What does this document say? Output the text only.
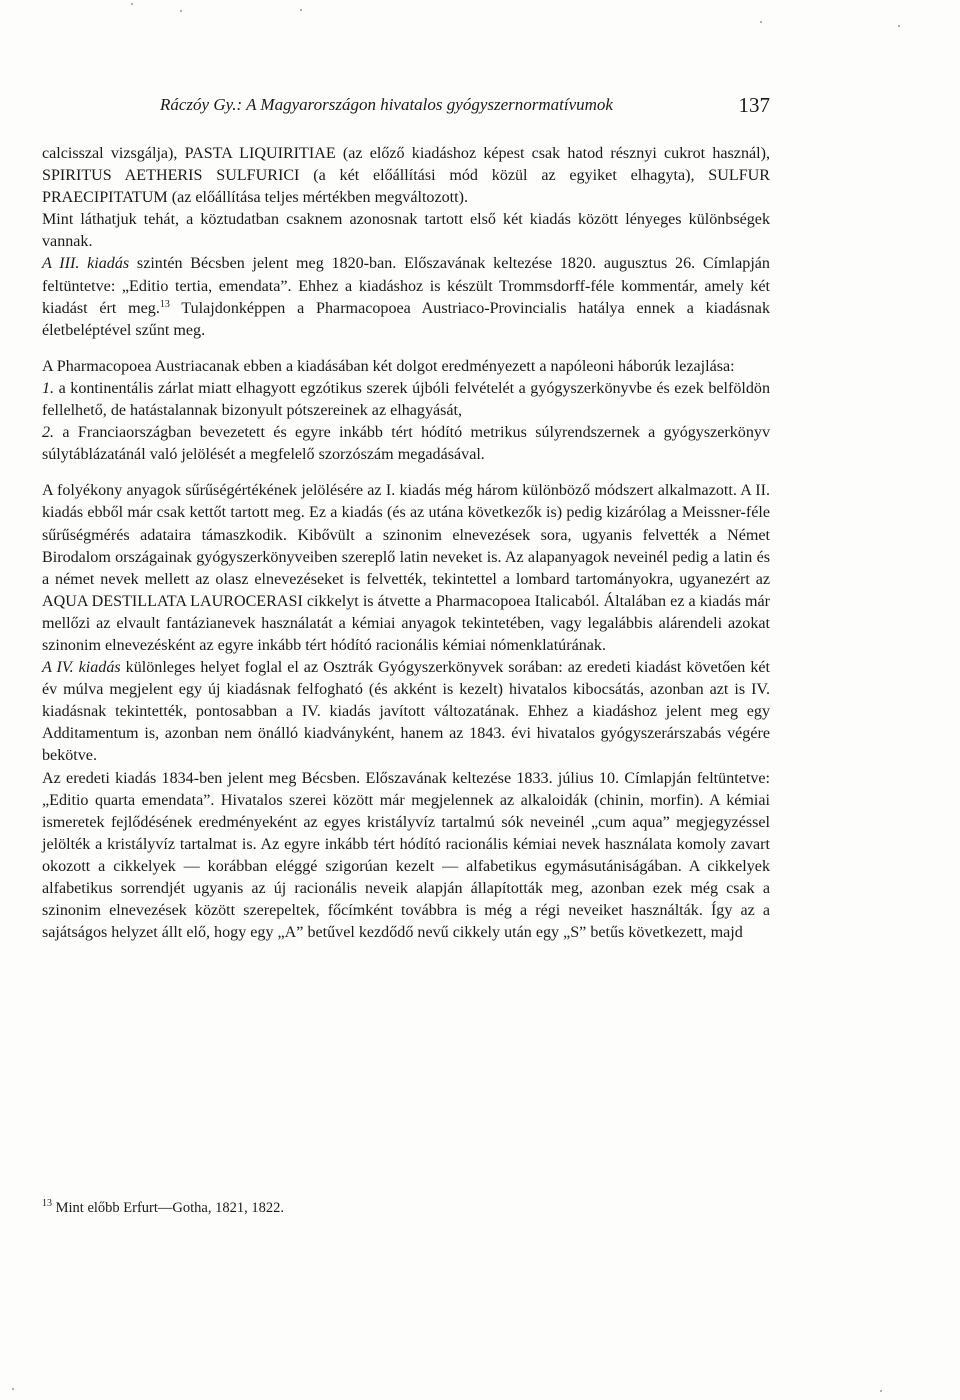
Ráczóy Gy.: A Magyarországon hivatalos gyógyszernormatívumok	137

calcisszal vizsgálja), PASTA LIQUIRITIAE (az előző kiadáshoz képest csak hatod résznyi cukrot használ), SPIRITUS AETHERIS SULFURICI (a két előállítási mód közül az egyiket elhagyta), SULFUR PRAECIPITATUM (az előállítása teljes mértékben megváltozott).

Mint láthatjuk tehát, a köztudatban csaknem azonosnak tartott első két kiadás között lényeges különbségek vannak.

A III. kiadás szintén Bécsben jelent meg 1820-ban. Előszavának keltezése 1820. augusztus 26. Címlapján feltüntetve: „Editio tertia, emendata”. Ehhez a kiadáshoz is készült Trommsdorff-féle kommentár, amely két kiadást ért meg.$^{13}$ Tulajdonképpen a Pharmacopoea Austriaco-Provincialis hatálya ennek a kiadásnak életbeléptével szűnt meg.

A Pharmacopoea Austriacanak ebben a kiadásában két dolgot eredményezett a napóleoni háborúk lezajlása:

1. a kontinentális zárlat miatt elhagyott egzótikus szerek újbóli felvételét a gyógyszerkönyvbe és ezek belföldön fellelhető, de hatástalannak bizonyult pótszereinek az elhagyását,

2. a Franciaországban bevezetett és egyre inkább tért hódító metrikus súlyrendszernek a gyógyszerkönyv súlytáblázatánál való jelölését a megfelelő szorzószám megadásával.

A folyékony anyagok sűrűségértékének jelölésére az I. kiadás még három különböző módszert alkalmazott. A II. kiadás ebből már csak kettőt tartott meg. Ez a kiadás (és az utána következők is) pedig kizárólag a Meissner-féle sűrűségmérés adataira támaszkodik. Kibővült a szinonim elnevezések sora, ugyanis felvették a Német Birodalom országainak gyógyszerkönyveiben szereplő latin neveket is. Az alapanyagok neveinél pedig a latin és a német nevek mellett az olasz elnevezéseket is felvették, tekintettel a lombard tartományokra, ugyanezért az AQUA DESTILLATA LAUROCERASI cikkelyt is átvette a Pharmacopoea Italicaból. Általában ez a kiadás már mellőzi az elvault fantázianevek használatát a kémiai anyagok tekintetében, vagy legalábbis alárendeli azokat szinonim elnevezésként az egyre inkább tért hódító racionális kémiai nómenklatúrának.

A IV. kiadás különleges helyet foglal el az Osztrák Gyógyszerkönyvek sorában: az eredeti kiadást követően két év múlva megjelent egy új kiadásnak felfogható (és akként is kezelt) hivatalos kibocsátás, azonban azt is IV. kiadásnak tekintették, pontosabban a IV. kiadás javított változatának. Ehhez a kiadáshoz jelent meg egy Additamentum is, azonban nem önálló kiadványként, hanem az 1843. évi hivatalos gyógyszerárszabás végére bekötve.

Az eredeti kiadás 1834-ben jelent meg Bécsben. Előszavának keltezése 1833. július 10. Címlapján feltüntetve: „Editio quarta emendata”. Hivatalos szerei között már megjelennek az alkaloidák (chinin, morfin). A kémiai ismeretek fejlődésének eredményeként az egyes kristályvíz tartalmú sók neveinél „cum aqua” megjegyzéssel jelölték a kristályvíz tartalmat is. Az egyre inkább tért hódító racionális kémiai nevek használata komoly zavart okozott a cikkelyek — korábban eléggé szigorúan kezelt — alfabetikus egymásutániságában. A cikkelyek alfabetikus sorrendjét ugyanis az új racionális neveik alapján állapították meg, azonban ezek még csak a szinonim elnevezések között szerepeltek, főcímként továbbra is még a régi neveiket használták. Így az a sajátságos helyzet állt elő, hogy egy „A” betűvel kezdődő nevű cikkely után egy „S” betűs következett, majd

$^{13}$ Mint előbb Erfurt—Gotha, 1821, 1822.
